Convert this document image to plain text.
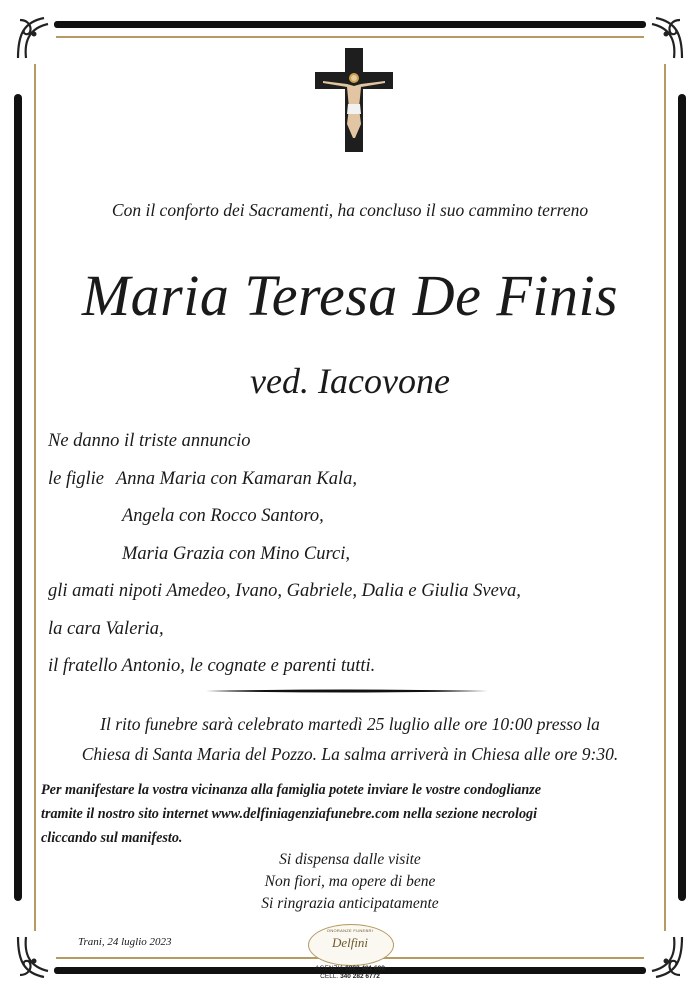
Con il conforto dei Sacramenti, ha concluso il suo cammino terreno
Maria Teresa De Finis
ved. Iacovone
Ne danno il triste annuncio
le figlie Anna Maria con Kamaran Kala,
Angela con Rocco Santoro,
Maria Grazia con Mino Curci,
gli amati nipoti Amedeo, Ivano, Gabriele, Dalia e Giulia Sveva,
la cara Valeria,
il fratello Antonio, le cognate e parenti tutti.
Il rito funebre sarà celebrato martedì 25 luglio alle ore 10:00 presso la
Chiesa di Santa Maria del Pozzo. La salma arriverà in Chiesa alle ore 9:30.
Per manifestare la vostra vicinanza alla famiglia potete inviare le vostre condoglianze
tramite il nostro sito internet www.delfiniagenziafunebre.com nella sezione necrologi
cliccando sul manifesto.
Si dispensa dalle visite
Non fiori, ma opere di bene
Si ringrazia anticipatamente
Trani, 24 luglio 2023
ONORANZE FUNEBRI
Delfini
AGENZIA 0883 481 608
CELL. 340 282 6772
